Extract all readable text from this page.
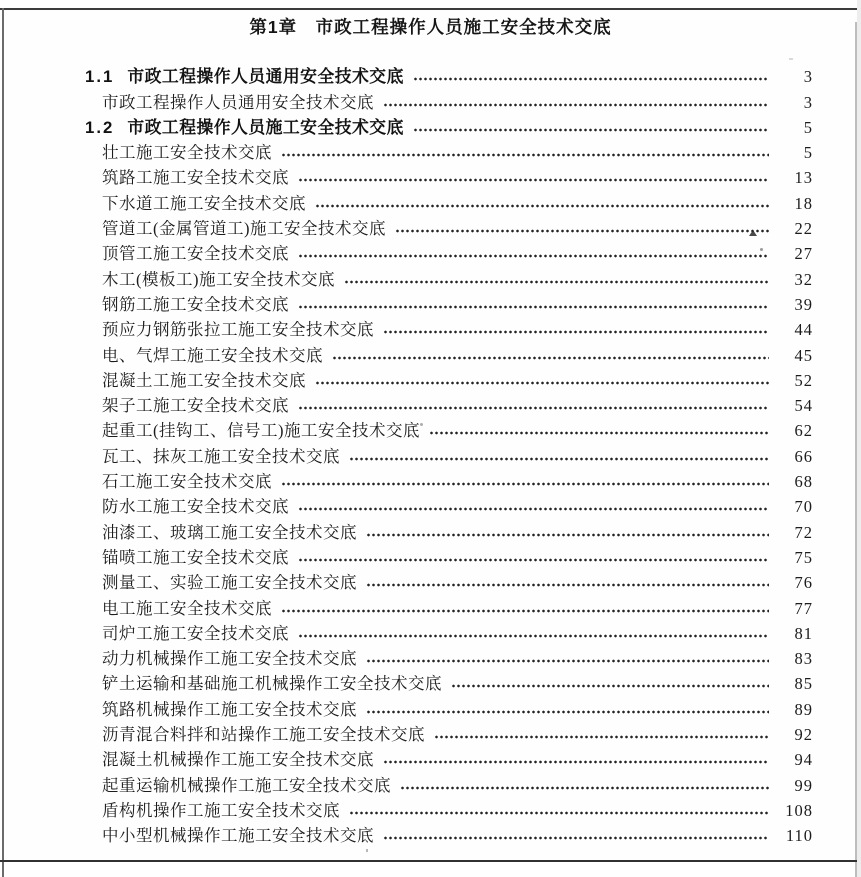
第1章　市政工程操作人员施工安全技术交底
1.1 市政工程操作人员通用安全技术交底	3
市政工程操作人员通用安全技术交底	3
1.2 市政工程操作人员施工安全技术交底	5
壮工施工安全技术交底	5
筑路工施工安全技术交底	13
下水道工施工安全技术交底	18
管道工(金属管道工)施工安全技术交底	22
顶管工施工安全技术交底	27
木工(模板工)施工安全技术交底	32
钢筋工施工安全技术交底	39
预应力钢筋张拉工施工安全技术交底	44
电、气焊工施工安全技术交底	45
混凝土工施工安全技术交底	52
架子工施工安全技术交底	54
起重工(挂钩工、信号工)施工安全技术交底	62
瓦工、抹灰工施工安全技术交底	66
石工施工安全技术交底	68
防水工施工安全技术交底	70
油漆工、玻璃工施工安全技术交底	72
锚喷工施工安全技术交底	75
测量工、实验工施工安全技术交底	76
电工施工安全技术交底	77
司炉工施工安全技术交底	81
动力机械操作工施工安全技术交底	83
铲土运输和基础施工机械操作工安全技术交底	85
筑路机械操作工施工安全技术交底	89
沥青混合料拌和站操作工施工安全技术交底	92
混凝土机械操作工施工安全技术交底	94
起重运输机械操作工施工安全技术交底	99
盾构机操作工施工安全技术交底	108
中小型机械操作工施工安全技术交底	110
